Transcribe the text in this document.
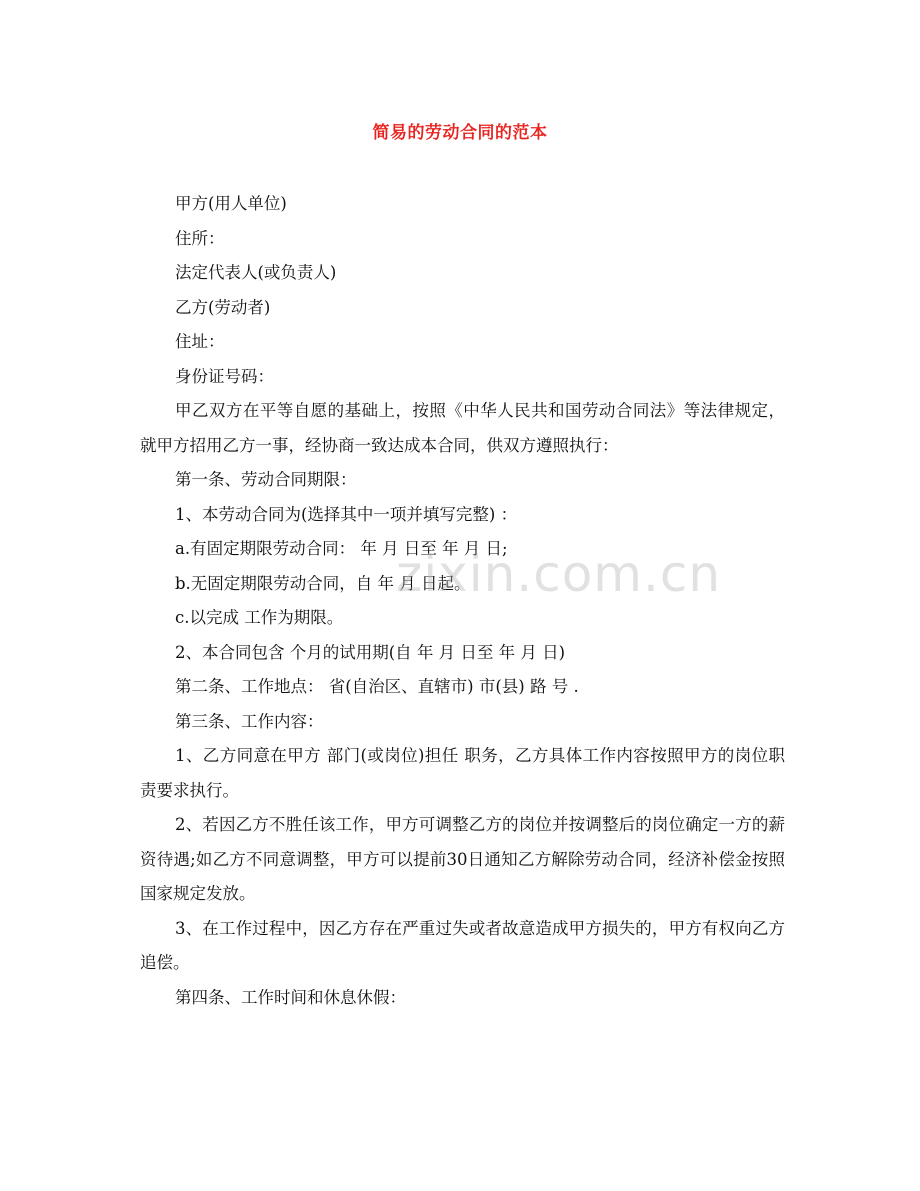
简易的劳动合同的范本

甲方(用人单位)

住所：

法定代表人(或负责人)

乙方(劳动者)

住址：

身份证号码：

甲乙双方在平等自愿的基础上，按照《中华人民共和国劳动合同法》等法律规定，就甲方招用乙方一事，经协商一致达成本合同，供双方遵照执行：

第一条、劳动合同期限：

1、本劳动合同为(选择其中一项并填写完整) ：

a.有固定期限劳动合同： 年 月 日至 年 月 日;

b.无固定期限劳动合同，自 年 月 日起。

c.以完成 工作为期限。

2、本合同包含 个月的试用期(自 年 月 日至 年 月 日)

第二条、工作地点： 省(自治区、直辖市) 市(县) 路 号 .

第三条、工作内容：

1、乙方同意在甲方 部门(或岗位)担任 职务，乙方具体工作内容按照甲方的岗位职责要求执行。

2、若因乙方不胜任该工作，甲方可调整乙方的岗位并按调整后的岗位确定一方的薪资待遇;如乙方不同意调整，甲方可以提前30日通知乙方解除劳动合同，经济补偿金按照国家规定发放。

3、在工作过程中，因乙方存在严重过失或者故意造成甲方损失的，甲方有权向乙方追偿。

第四条、工作时间和休息休假：

zixin.com.cn
